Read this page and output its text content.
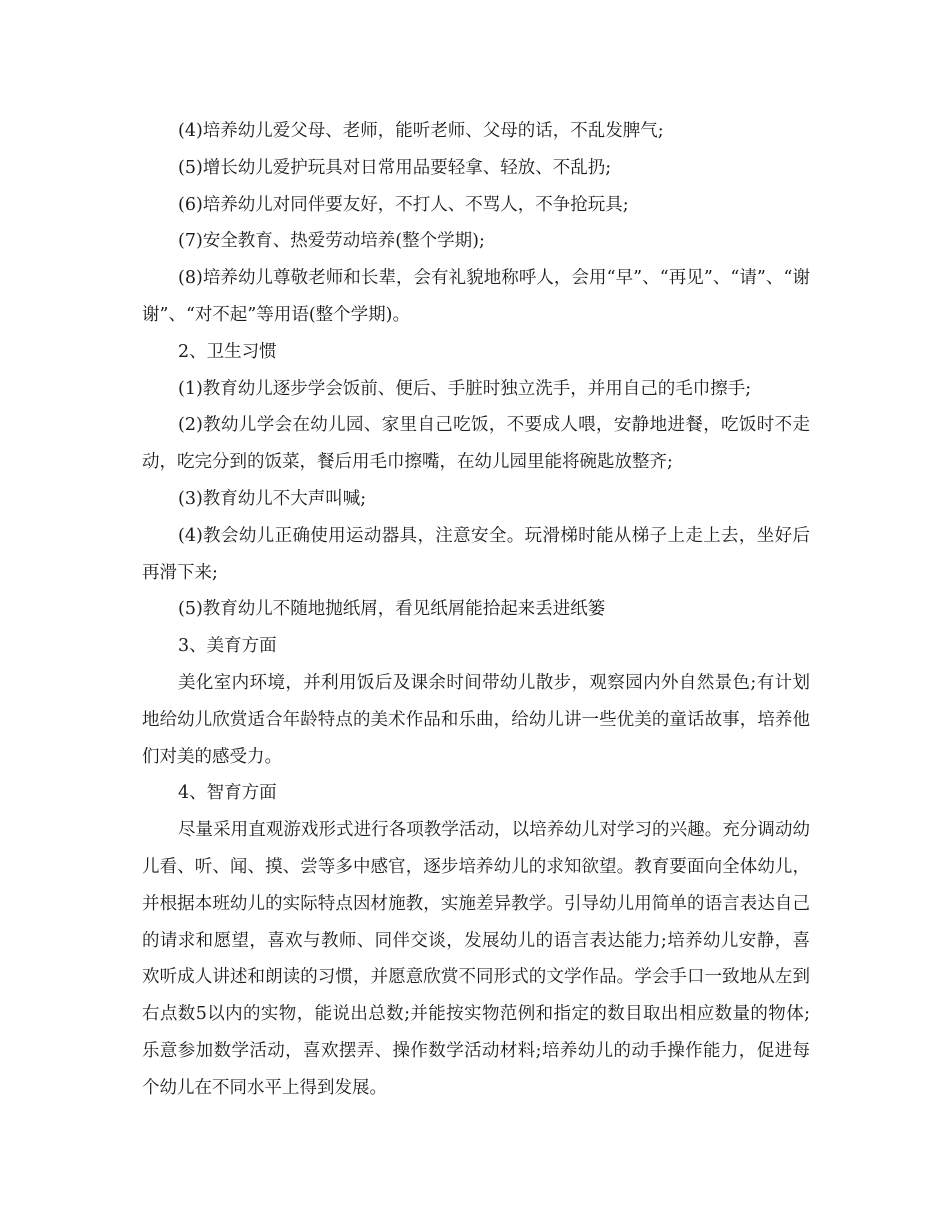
(4)培养幼儿爱父母、老师，能听老师、父母的话，不乱发脾气;

(5)增长幼儿爱护玩具对日常用品要轻拿、轻放、不乱扔;

(6)培养幼儿对同伴要友好，不打人、不骂人，不争抢玩具;

(7)安全教育、热爱劳动培养(整个学期);

(8)培养幼儿尊敬老师和长辈，会有礼貌地称呼人，会用“早”、“再见”、“请”、“谢谢”、“对不起”等用语(整个学期)。

2、卫生习惯

(1)教育幼儿逐步学会饭前、便后、手脏时独立洗手，并用自己的毛巾擦手;

(2)教幼儿学会在幼儿园、家里自己吃饭，不要成人喂，安静地进餐，吃饭时不走动，吃完分到的饭菜，餐后用毛巾擦嘴，在幼儿园里能将碗匙放整齐;

(3)教育幼儿不大声叫喊;

(4)教会幼儿正确使用运动器具，注意安全。玩滑梯时能从梯子上走上去，坐好后再滑下来;

(5)教育幼儿不随地抛纸屑，看见纸屑能拾起来丢进纸篓

3、美育方面

美化室内环境，并利用饭后及课余时间带幼儿散步，观察园内外自然景色;有计划地给幼儿欣赏适合年龄特点的美术作品和乐曲，给幼儿讲一些优美的童话故事，培养他们对美的感受力。

4、智育方面

尽量采用直观游戏形式进行各项教学活动，以培养幼儿对学习的兴趣。充分调动幼儿看、听、闻、摸、尝等多中感官，逐步培养幼儿的求知欲望。教育要面向全体幼儿，并根据本班幼儿的实际特点因材施教，实施差异教学。引导幼儿用简单的语言表达自己的请求和愿望，喜欢与教师、同伴交谈，发展幼儿的语言表达能力;培养幼儿安静，喜欢听成人讲述和朗读的习惯，并愿意欣赏不同形式的文学作品。学会手口一致地从左到右点数5以内的实物，能说出总数;并能按实物范例和指定的数目取出相应数量的物体;乐意参加数学活动，喜欢摆弄、操作数学活动材料;培养幼儿的动手操作能力，促进每个幼儿在不同水平上得到发展。
